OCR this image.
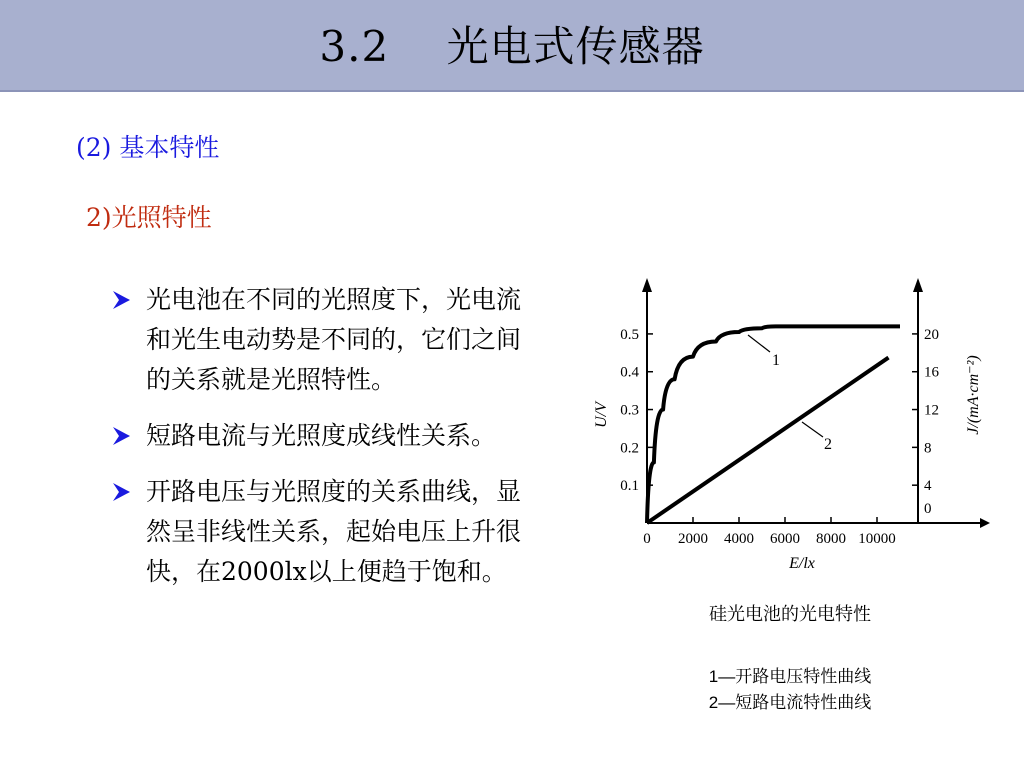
3.2　 光电式传感器
(2) 基本特性
2)光照特性
光电池在不同的光照度下，光电流和光生电动势是不同的，它们之间的关系就是光照特性。
短路电流与光照度成线性关系。
开路电压与光照度的关系曲线，显然呈非线性关系，起始电压上升很快，在2000lx以上便趋于饱和。
0.1
0.2
0.3
0.4
0.5
0
4
8
12
16
20
0 2000 4000 6000 8000 10000
1
2
E/lx
U/V	J/(mA·cm⁻²)
硅光电池的光电特性
1—开路电压特性曲线
2—短路电流特性曲线
